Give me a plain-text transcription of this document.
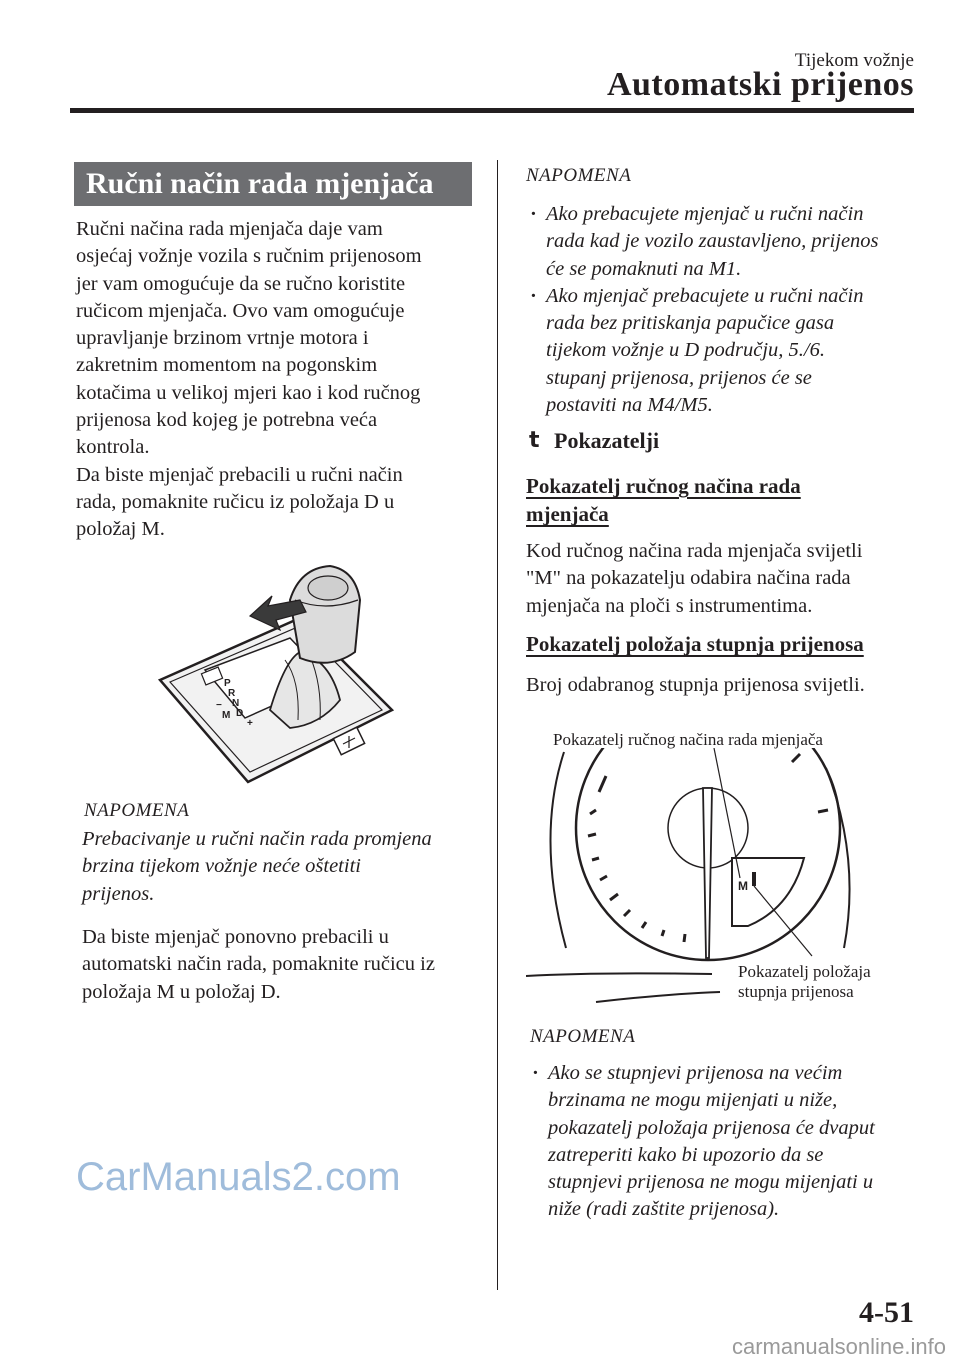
Tijekom vožnje
Automatski prijenos
Ručni način rada mjenjača
Ručni načina rada mjenjača daje vam
osjećaj vožnje vozila s ručnim prijenosom
jer vam omogućuje da se ručno koristite
ručicom mjenjača. Ovo vam omogućuje
upravljanje brzinom vrtnje motora i
zakretnim momentom na pogonskim
kotačima u velikoj mjeri kao i kod ručnog
prijenosa kod kojeg je potrebna veća
kontrola.
Da biste mjenjač prebacili u ručni način
rada, pomaknite ručicu iz položaja D u
položaj M.
P
R
N
D
M
+
−
NAPOMENA
Prebacivanje u ručni način rada promjena
brzina tijekom vožnje neće oštetiti
prijenos.
Da biste mjenjač ponovno prebacili u
automatski način rada, pomaknite ručicu iz
položaja M u položaj D.
NAPOMENA
· Ako prebacujete mjenjač u ručni način
rada kad je vozilo zaustavljeno, prijenos
će se pomaknuti na M1.
· Ako mjenjač prebacujete u ručni način
rada bez pritiskanja papučice gasa
tijekom vožnje u D području, 5./6.
stupanj prijenosa, prijenos će se
postaviti na M4/M5.
t Pokazatelji
Pokazatelj ručnog načina rada
mjenjača
Kod ručnog načina rada mjenjača svijetli
"M" na pokazatelju odabira načina rada
mjenjača na ploči s instrumentima.
Pokazatelj položaja stupnja prijenosa
Broj odabranog stupnja prijenosa svijetli.
Pokazatelj ručnog načina rada mjenjača
M
Pokazatelj položaja
stupnja prijenosa
NAPOMENA
· Ako se stupnjevi prijenosa na većim
brzinama ne mogu mijenjati u niže,
pokazatelj položaja prijenosa će dvaput
zatreperiti kako bi upozorio da se
stupnjevi prijenosa ne mogu mijenjati u
niže (radi zaštite prijenosa).
4-51
CarManuals2.com
carmanualsonline.info
